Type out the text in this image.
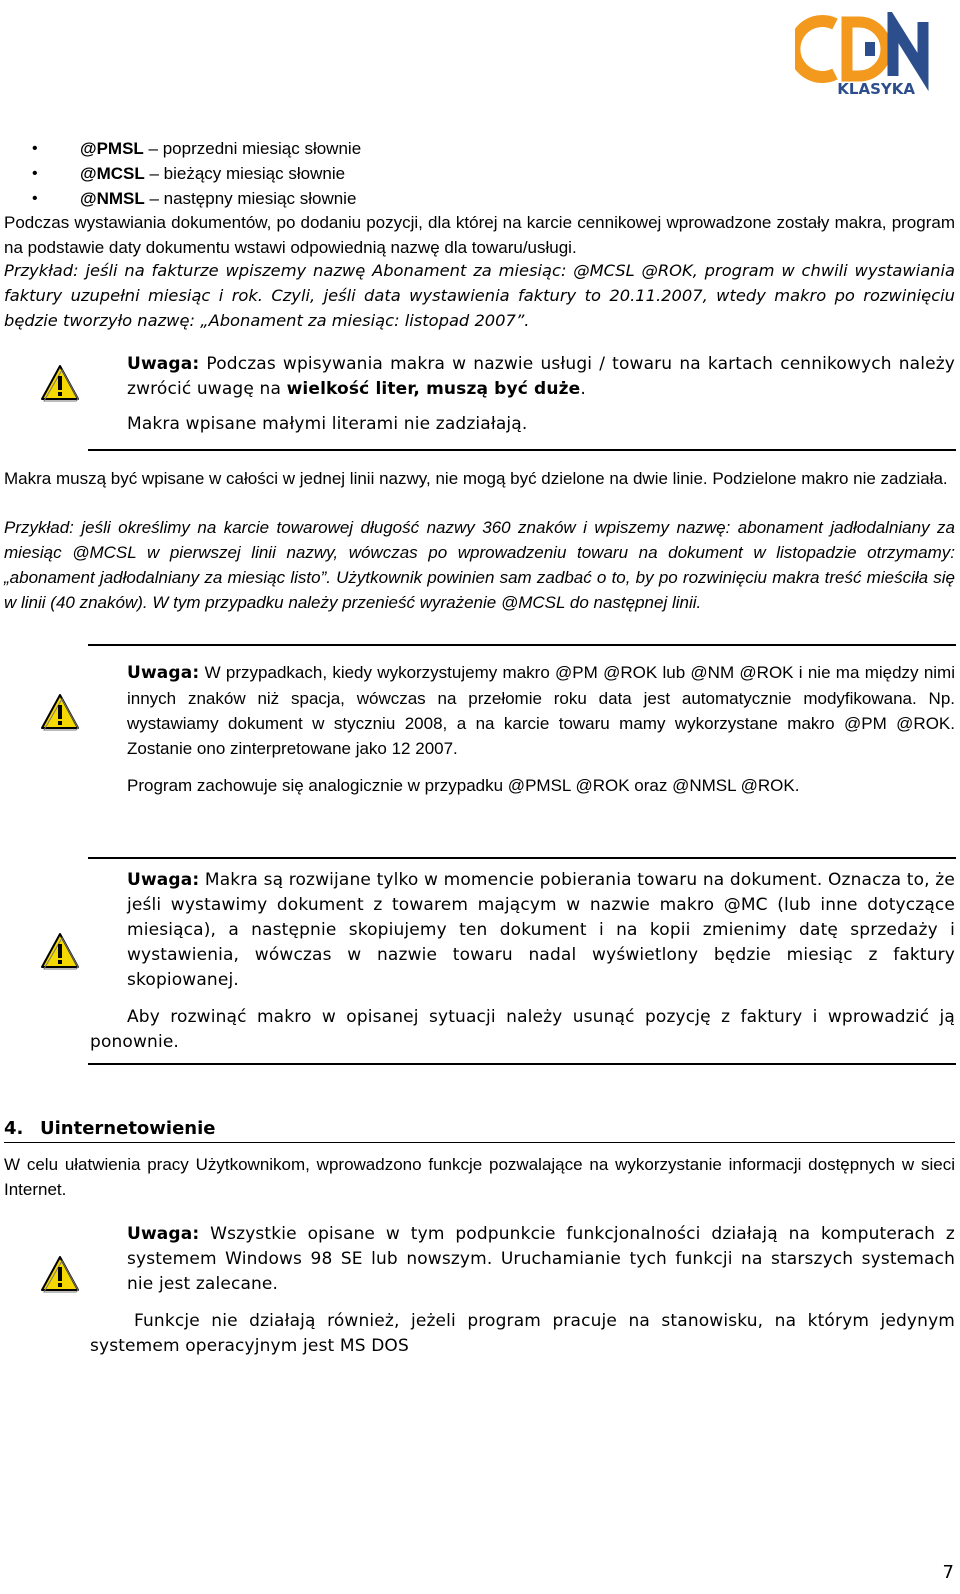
KLASYKA
• @PMSL – poprzedni miesiąc słownie
• @MCSL – bieżący miesiąc słownie
• @NMSL – następny miesiąc słownie

Podczas wystawiania dokumentów, po dodaniu pozycji, dla której na karcie cennikowej wprowadzone zostały makra, program na podstawie daty dokumentu wstawi odpowiednią nazwę dla towaru/usługi.

Przykład: jeśli na fakturze wpiszemy nazwę Abonament za miesiąc: @MCSL @ROK, program w chwili wystawiania faktury uzupełni miesiąc i rok. Czyli, jeśli data wystawienia faktury to 20.11.2007, wtedy makro po rozwinięciu będzie tworzyło nazwę: „Abonament za miesiąc: listopad 2007”.

Uwaga: Podczas wpisywania makra w nazwie usługi / towaru na kartach cennikowych należy zwrócić uwagę na wielkość liter, muszą być duże.
Makra wpisane małymi literami nie zadziałają.

Makra muszą być wpisane w całości w jednej linii nazwy, nie mogą być dzielone na dwie linie. Podzielone makro nie zadziała.

Przykład: jeśli określimy na karcie towarowej długość nazwy 360 znaków i wpiszemy nazwę: abonament jadłodalniany za miesiąc @MCSL w pierwszej linii nazwy, wówczas po wprowadzeniu towaru na dokument w listopadzie otrzymamy: „abonament jadłodalniany za miesiąc listo”. Użytkownik powinien sam zadbać o to, by po rozwinięciu makra treść mieściła się w linii (40 znaków). W tym przypadku należy przenieść wyrażenie @MCSL do następnej linii.

Uwaga: W przypadkach, kiedy wykorzystujemy makro @PM @ROK lub @NM @ROK i nie ma między nimi innych znaków niż spacja, wówczas na przełomie roku data jest automatycznie modyfikowana. Np. wystawiamy dokument w styczniu 2008, a na karcie towaru mamy wykorzystane makro @PM @ROK. Zostanie ono zinterpretowane jako 12 2007.
Program zachowuje się analogicznie w przypadku @PMSL @ROK oraz @NMSL @ROK.
Uwaga: Makra są rozwijane tylko w momencie pobierania towaru na dokument. Oznacza to, że jeśli wystawimy dokument z towarem mającym w nazwie makro @MC (lub inne dotyczące miesiąca), a następnie skopiujemy ten dokument i na kopii zmienimy datę sprzedaży i wystawienia, wówczas w nazwie towaru nadal wyświetlony będzie miesiąc z faktury skopiowanej.
Aby rozwinąć makro w opisanej sytuacji należy usunąć pozycję z faktury i wprowadzić ją ponownie.
4. Uinternetowienie

W celu ułatwienia pracy Użytkownikom, wprowadzono funkcje pozwalające na wykorzystanie informacji dostępnych w sieci Internet.

Uwaga: Wszystkie opisane w tym podpunkcie funkcjonalności działają na komputerach z systemem Windows 98 SE lub nowszym. Uruchamianie tych funkcji na starszych systemach nie jest zalecane.
Funkcje nie działają również, jeżeli program pracuje na stanowisku, na którym jedynym systemem operacyjnym jest MS DOS
7
